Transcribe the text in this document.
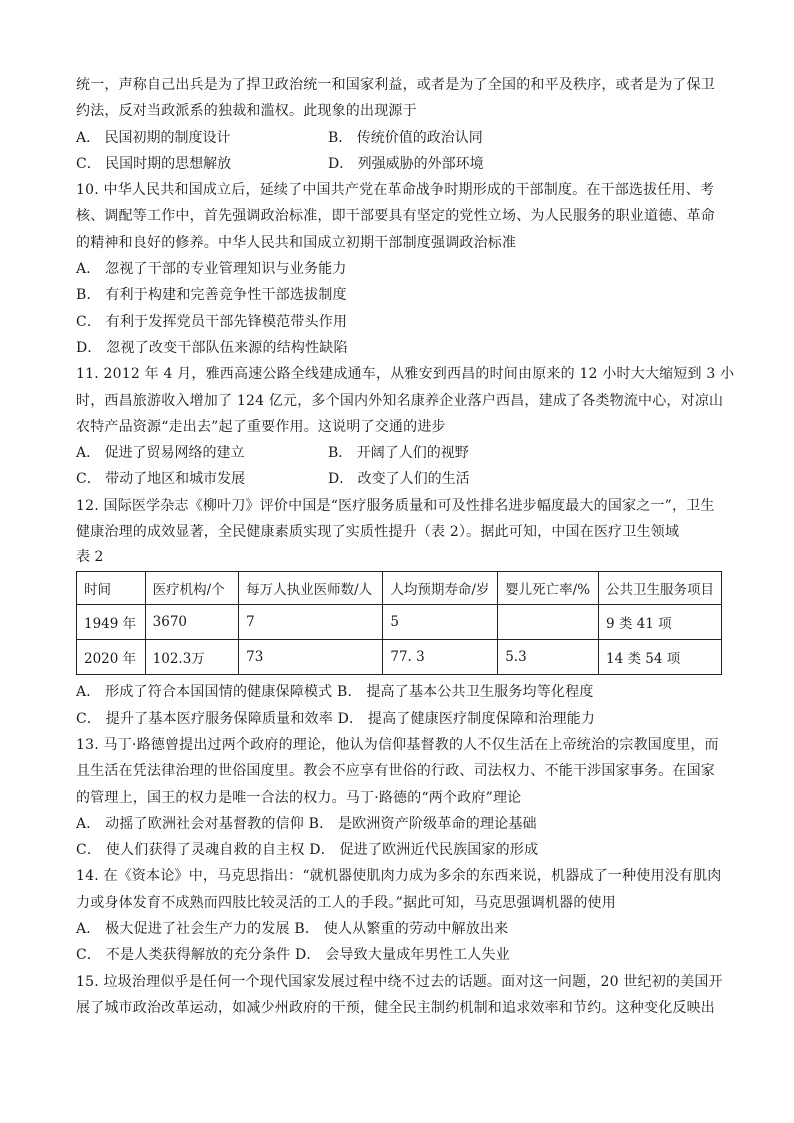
统一，声称自己出兵是为了捍卫政治统一和国家利益，或者是为了全国的和平及秩序，或者是为了保卫
约法，反对当政派系的独裁和滥权。此现象的出现源于
A． 民国初期的制度设计	B． 传统价值的政治认同
C． 民国时期的思想解放	D． 列强威胁的外部环境
10. 中华人民共和国成立后，延续了中国共产党在革命战争时期形成的干部制度。在干部选拔任用、考
核、调配等工作中，首先强调政治标准，即干部要具有坚定的党性立场、为人民服务的职业道德、革命
的精神和良好的修养。中华人民共和国成立初期干部制度强调政治标准
A． 忽视了干部的专业管理知识与业务能力
B． 有利于构建和完善竞争性干部选拔制度
C． 有利于发挥党员干部先锋模范带头作用
D． 忽视了改变干部队伍来源的结构性缺陷
11. 2012 年 4 月，雅西高速公路全线建成通车，从雅安到西昌的时间由原来的 12 小时大大缩短到 3 小
时，西昌旅游收入增加了 124 亿元，多个国内外知名康养企业落户西昌，建成了各类物流中心，对凉山
农特产品资源“走出去”起了重要作用。这说明了交通的进步
A． 促进了贸易网络的建立	B． 开阔了人们的视野
C． 带动了地区和城市发展	D． 改变了人们的生活
12. 国际医学杂志《柳叶刀》评价中国是“医疗服务质量和可及性排名进步幅度最大的国家之一”，卫生
健康治理的成效显著，全民健康素质实现了实质性提升（表 2）。据此可知，中国在医疗卫生领域
表 2
时间	医疗机构/个	每万人执业医师数/人	人均预期寿命/岁	婴儿死亡率/%	公共卫生服务项目
1949 年	3670	7	5		9 类 41 项
2020 年	102.3万	73	77. 3	5.3	14 类 54 项
A． 形成了符合本国国情的健康保障模式 B． 提高了基本公共卫生服务均等化程度
C． 提升了基本医疗服务保障质量和效率 D． 提高了健康医疗制度保障和治理能力
13. 马丁·路德曾提出过两个政府的理论，他认为信仰基督教的人不仅生活在上帝统治的宗教国度里，而
且生活在凭法律治理的世俗国度里。教会不应享有世俗的行政、司法权力、不能干涉国家事务。在国家
的管理上，国王的权力是唯一合法的权力。马丁·路德的“两个政府”理论
A． 动摇了欧洲社会对基督教的信仰 B． 是欧洲资产阶级革命的理论基础
C． 使人们获得了灵魂自救的自主权 D． 促进了欧洲近代民族国家的形成
14. 在《资本论》中，马克思指出：“就机器使肌肉力成为多余的东西来说，机器成了一种使用没有肌肉
力或身体发育不成熟而四肢比较灵活的工人的手段。”据此可知，马克思强调机器的使用
A． 极大促进了社会生产力的发展 B． 使人从繁重的劳动中解放出来
C． 不是人类获得解放的充分条件 D． 会导致大量成年男性工人失业
15. 垃圾治理似乎是任何一个现代国家发展过程中绕不过去的话题。面对这一问题，20 世纪初的美国开
展了城市政治改革运动，如减少州政府的干预，健全民主制约机制和追求效率和节约。这种变化反映出
